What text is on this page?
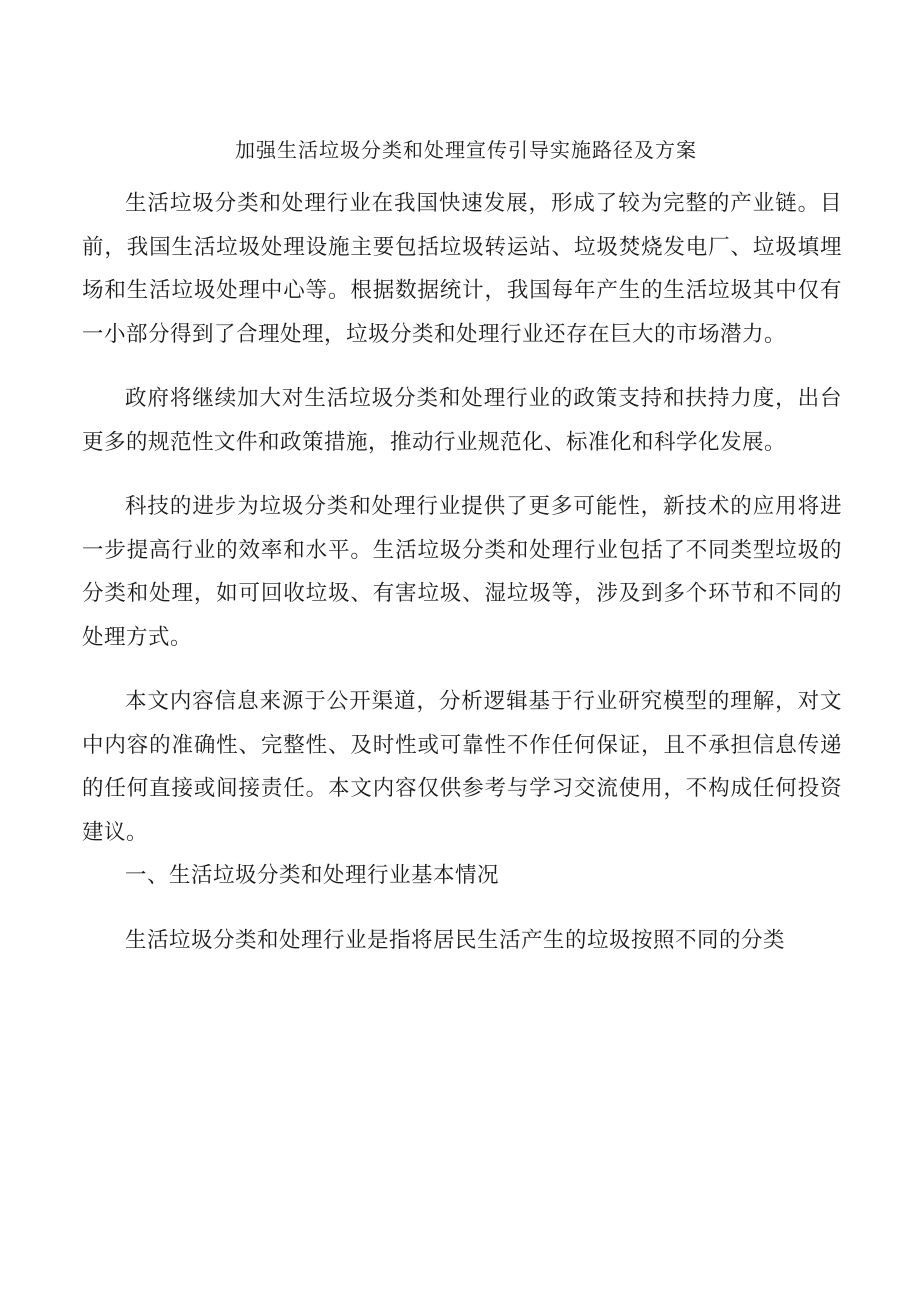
加强生活垃圾分类和处理宣传引导实施路径及方案

生活垃圾分类和处理行业在我国快速发展，形成了较为完整的产业链。目前，我国生活垃圾处理设施主要包括垃圾转运站、垃圾焚烧发电厂、垃圾填埋场和生活垃圾处理中心等。根据数据统计，我国每年产生的生活垃圾其中仅有一小部分得到了合理处理，垃圾分类和处理行业还存在巨大的市场潜力。

政府将继续加大对生活垃圾分类和处理行业的政策支持和扶持力度，出台更多的规范性文件和政策措施，推动行业规范化、标准化和科学化发展。

科技的进步为垃圾分类和处理行业提供了更多可能性，新技术的应用将进一步提高行业的效率和水平。生活垃圾分类和处理行业包括了不同类型垃圾的分类和处理，如可回收垃圾、有害垃圾、湿垃圾等，涉及到多个环节和不同的处理方式。

本文内容信息来源于公开渠道，分析逻辑基于行业研究模型的理解，对文中内容的准确性、完整性、及时性或可靠性不作任何保证，且不承担信息传递的任何直接或间接责任。本文内容仅供参考与学习交流使用，不构成任何投资建议。

一、生活垃圾分类和处理行业基本情况

生活垃圾分类和处理行业是指将居民生活产生的垃圾按照不同的分类
